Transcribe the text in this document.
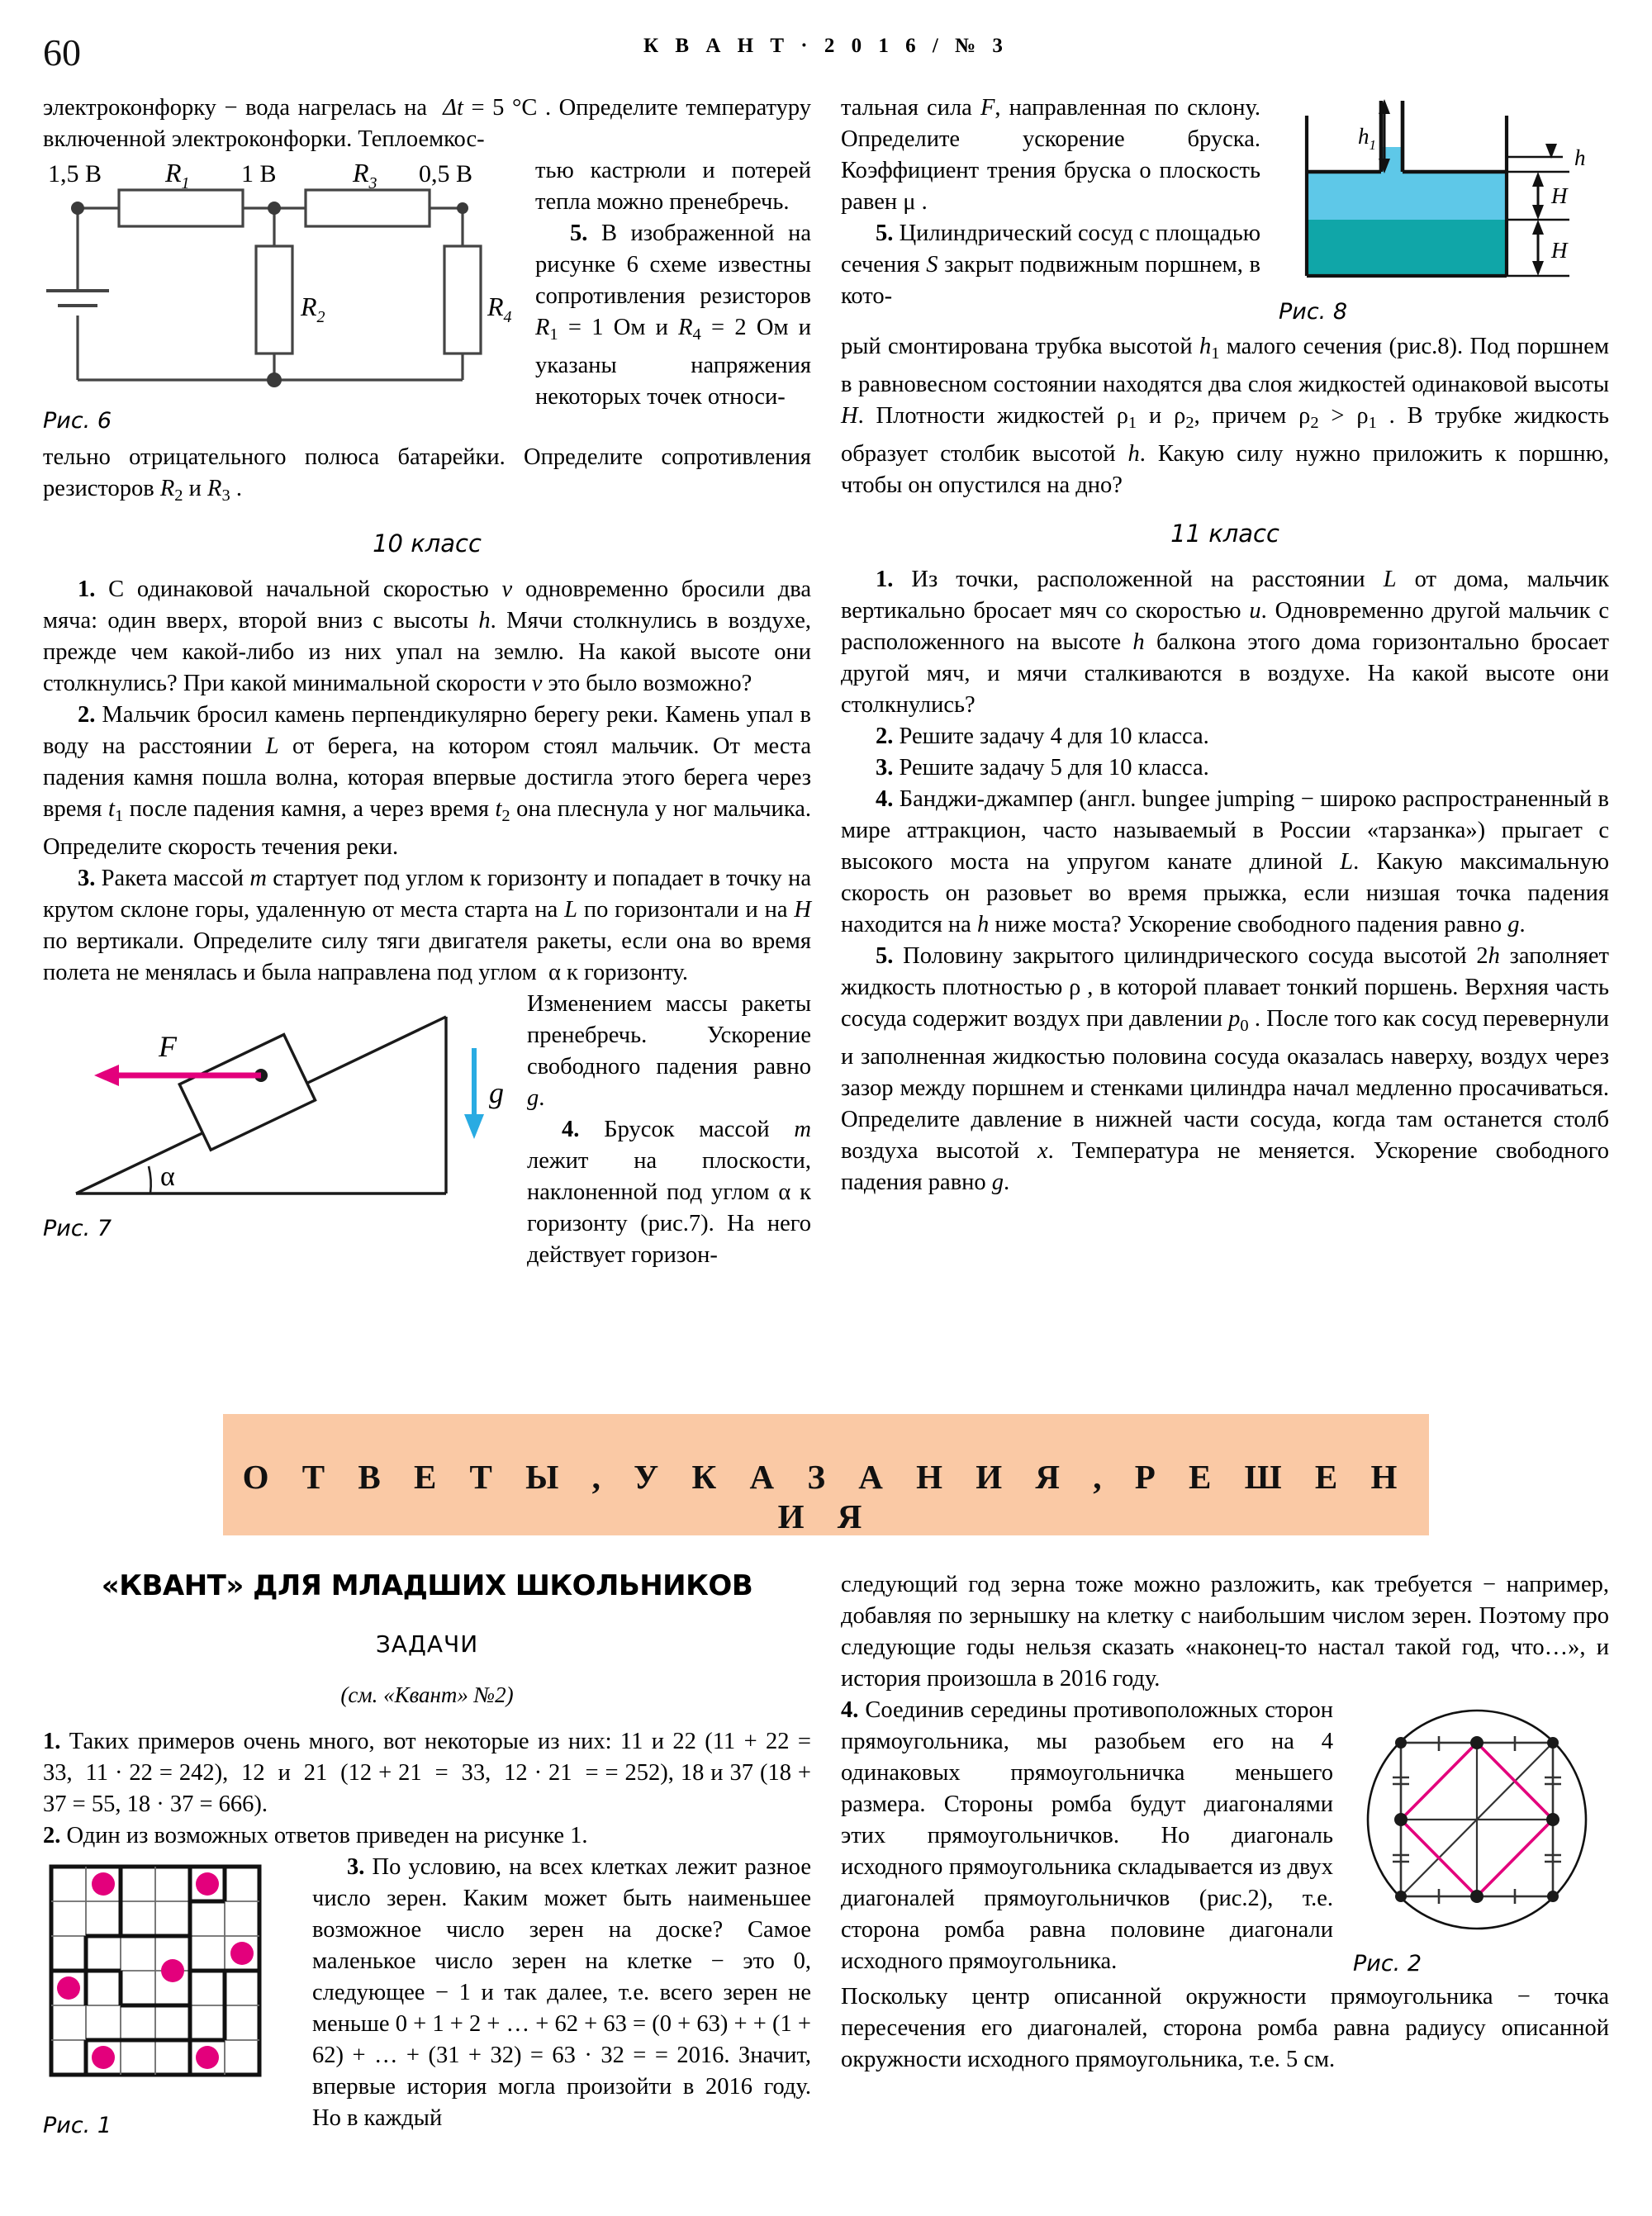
60	К В А Н Т · 2 0 1 6 / № 3

электроконфорку − вода нагрелась на  Δt = 5 °C . Определите температуру включенной электроконфорки. Теплоемкос-

1,5 В	1 В	0,5 В
$R_1$	$R_3$
$R_2$	$R_4$
Рис. 6

тью кастрюли и потерей тепла можно пренебречь.
5. В изображенной на рисунке 6 схеме известны сопротивления резисторов $R_1 = 1$ Ом и $R_4 = 2$ Ом и указаны напряжения некоторых точек относи-

тельно отрицательного полюса батарейки. Определите сопротивления резисторов $R_2$ и $R_3$ .

10 класс

1. С одинаковой начальной скоростью v одновременно бросили два мяча: один вверх, второй вниз с высоты h. Мячи столкнулись в воздухе, прежде чем какой-либо из них упал на землю. На какой высоте они столкнулись? При какой минимальной скорости v это было возможно?

2. Мальчик бросил камень перпендикулярно берегу реки. Камень упал в воду на расстоянии L от берега, на котором стоял мальчик. От места падения камня пошла волна, которая впервые достигла этого берега через время $t_1$ после падения камня, а через время $t_2$ она плеснула у ног мальчика. Определите скорость течения реки.

3. Ракета массой m стартует под углом к горизонту и попадает в точку на крутом склоне горы, удаленную от места старта на L по горизонтали и на H по вертикали. Определите силу тяги двигателя ракеты, если она во время полета не менялась и была направлена под углом  α к горизонту.

F
g
α
Рис. 7

Изменением массы ракеты пренебречь. Ускорение свободного падения равно g.

4. Брусок массой m лежит на плоскости, наклоненной под углом α к горизонту (рис.7). На него действует горизон-

$h_1$
h
H
H
Рис. 8

тальная сила F, направленная по склону. Определите ускорение бруска. Коэффициент трения бруска о плоскость равен μ .

5. Цилиндрический сосуд с площадью сечения S закрыт подвижным поршнем, в кото-

рый смонтирована трубка высотой $h_1$ малого сечения (рис.8). Под поршнем в равновесном состоянии находятся два слоя жидкостей одинаковой высоты H. Плотности жидкостей $\rho_1$ и $\rho_2$, причем $\rho_2 > \rho_1$ . В трубке жидкость образует столбик высотой h. Какую силу нужно приложить к поршню, чтобы он опустился на дно?

11 класс

1. Из точки, расположенной на расстоянии L от дома, мальчик вертикально бросает мяч со скоростью u. Одновременно другой мальчик с расположенного на высоте h балкона этого дома горизонтально бросает другой мяч, и мячи сталкиваются в воздухе. На какой высоте они столкнулись?

2. Решите задачу 4 для 10 класса.

3. Решите задачу 5 для 10 класса.

4. Банджи-джампер (англ. bungee jumping − широко распространенный в мире аттракцион, часто называемый в России «тарзанка») прыгает с высокого моста на упругом канате длиной L. Какую максимальную скорость он разовьет во время прыжка, если низшая точка падения находится на h ниже моста? Ускорение свободного падения равно g.

5. Половину закрытого цилиндрического сосуда высотой 2h заполняет жидкость плотностью ρ , в которой плавает тонкий поршень. Верхняя часть сосуда содержит воздух при давлении $p_0$ . После того как сосуд перевернули и заполненная жидкостью половина сосуда оказалась наверху, воздух через зазор между поршнем и стенками цилиндра начал медленно просачиваться. Определите давление в нижней части сосуда, когда там останется столб воздуха высотой x. Температура не меняется. Ускорение свободного падения равно g.

О Т В Е Т Ы , У К А З А Н И Я , Р Е Ш Е Н И Я
«КВАНТ» ДЛЯ МЛАДШИХ ШКОЛЬНИКОВ
ЗАДАЧИ
(см. «Квант» №2)

1. Таких примеров очень много, вот некоторые из них: 11 и 22 (11 + 22 = 33,  11 · 22 = 242),  12  и  21  (12 + 21  =  33,  12 · 21  = = 252), 18 и 37 (18 + 37 = 55, 18 · 37 = 666).

2. Один из возможных ответов приведен на рисунке 1.

Рис. 1

3. По условию, на всех клетках лежит разное число зерен. Каким может быть наименьшее возможное число зерен на доске? Самое маленькое число зерен на клетке − это 0, следующее − 1 и так далее, т.е. всего зерен не меньше 0 + 1 + 2 + … + 62 + 63 = (0 + 63) + + (1 + 62) + … + (31 + 32) = 63 · 32 = = 2016. Значит, впервые история могла произойти в 2016 году. Но в каждый

следующий год зерна тоже можно разложить, как требуется − например, добавляя по зернышку на клетку с наибольшим числом зерен. Поэтому про следующие годы нельзя сказать «наконец-то настал такой год, что…», и история произошла в 2016 году.

Рис. 2

4. Соединив середины противоположных сторон прямоугольника, мы разобьем его на 4 одинаковых прямоугольничка меньшего размера. Стороны ромба будут диагоналями этих прямоугольничков. Но диагональ исходного прямоугольника складывается из двух диагоналей прямоугольничков (рис.2), т.е. сторона ромба равна половине диагонали исходного прямоугольника.

Поскольку центр описанной окружности прямоугольника − точка пересечения его диагоналей, сторона ромба равна радиусу описанной окружности исходного прямоугольника, т.е. 5 см.
